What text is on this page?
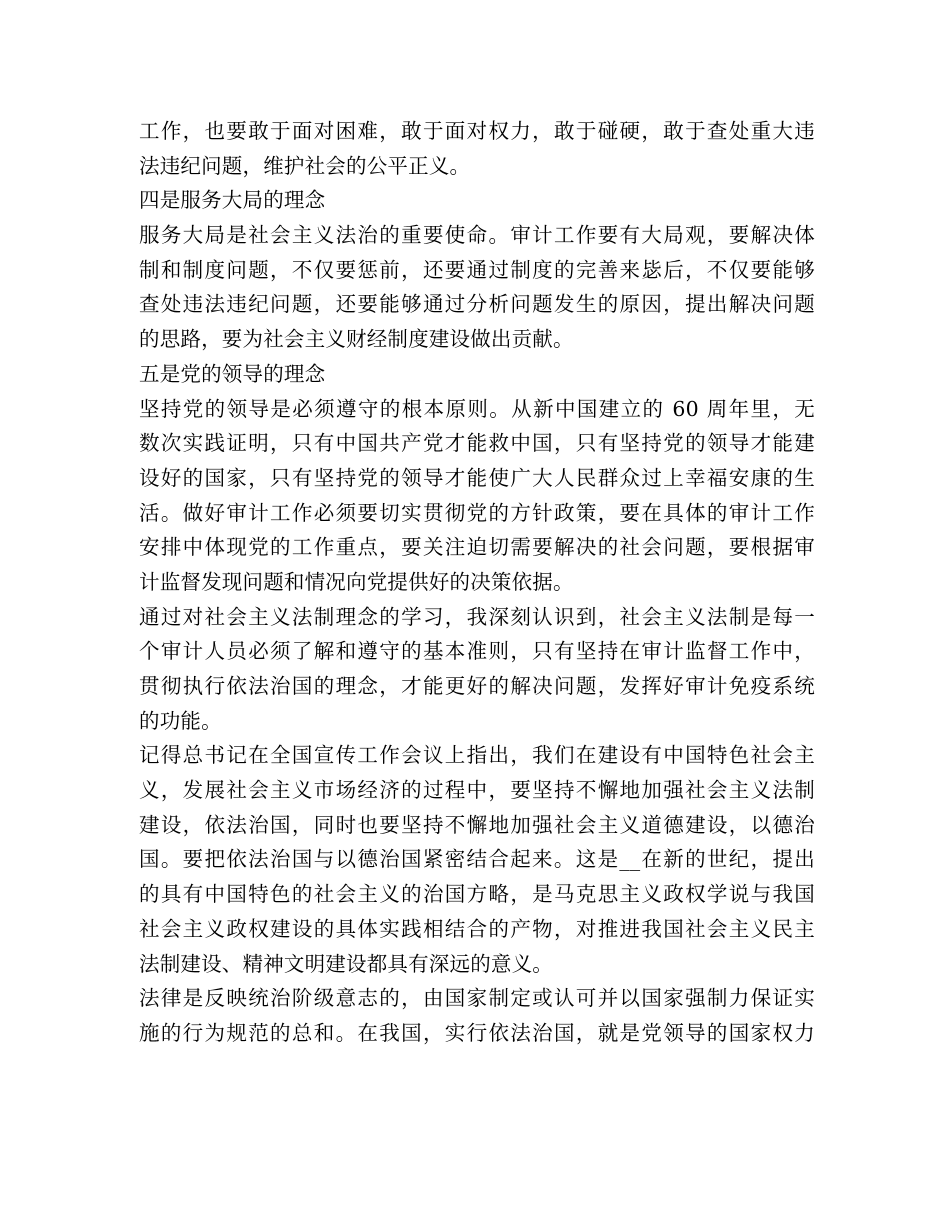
工作，也要敢于面对困难，敢于面对权力，敢于碰硬，敢于查处重大违
法违纪问题，维护社会的公平正义。
四是服务大局的理念
服务大局是社会主义法治的重要使命。审计工作要有大局观，要解决体
制和制度问题，不仅要惩前，还要通过制度的完善来毖后，不仅要能够
查处违法违纪问题，还要能够通过分析问题发生的原因，提出解决问题
的思路，要为社会主义财经制度建设做出贡献。
五是党的领导的理念
坚持党的领导是必须遵守的根本原则。从新中国建立的 60 周年里，无
数次实践证明，只有中国共产党才能救中国，只有坚持党的领导才能建
设好的国家，只有坚持党的领导才能使广大人民群众过上幸福安康的生
活。做好审计工作必须要切实贯彻党的方针政策，要在具体的审计工作
安排中体现党的工作重点，要关注迫切需要解决的社会问题，要根据审
计监督发现问题和情况向党提供好的决策依据。
通过对社会主义法制理念的学习，我深刻认识到，社会主义法制是每一
个审计人员必须了解和遵守的基本准则，只有坚持在审计监督工作中，
贯彻执行依法治国的理念，才能更好的解决问题，发挥好审计免疫系统
的功能。
记得总书记在全国宣传工作会议上指出，我们在建设有中国特色社会主
义，发展社会主义市场经济的过程中，要坚持不懈地加强社会主义法制
建设，依法治国，同时也要坚持不懈地加强社会主义道德建设，以德治
国。要把依法治国与以德治国紧密结合起来。这是__在新的世纪，提出
的具有中国特色的社会主义的治国方略，是马克思主义政权学说与我国
社会主义政权建设的具体实践相结合的产物，对推进我国社会主义民主
法制建设、精神文明建设都具有深远的意义。
法律是反映统治阶级意志的，由国家制定或认可并以国家强制力保证实
施的行为规范的总和。在我国，实行依法治国，就是党领导的国家权力
